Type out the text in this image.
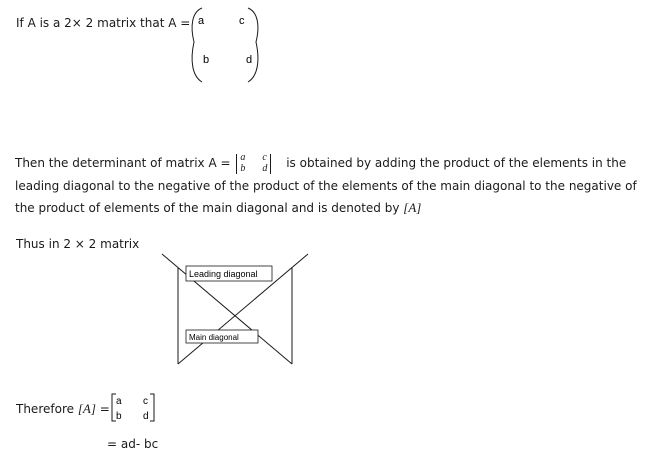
If A is a 2× 2 matrix that A = a	c
b	d
Then the determinant of matrix A = a c
b d is obtained by adding the product of the elements in the
leading diagonal to the negative of the product of the elements of the main diagonal to the negative of
the product of elements of the main diagonal and is denoted by [A]
Thus in 2 × 2 matrix
Leading diagonal
Main diagonal
Therefore [A] =
a c
b d
= ad- bc
